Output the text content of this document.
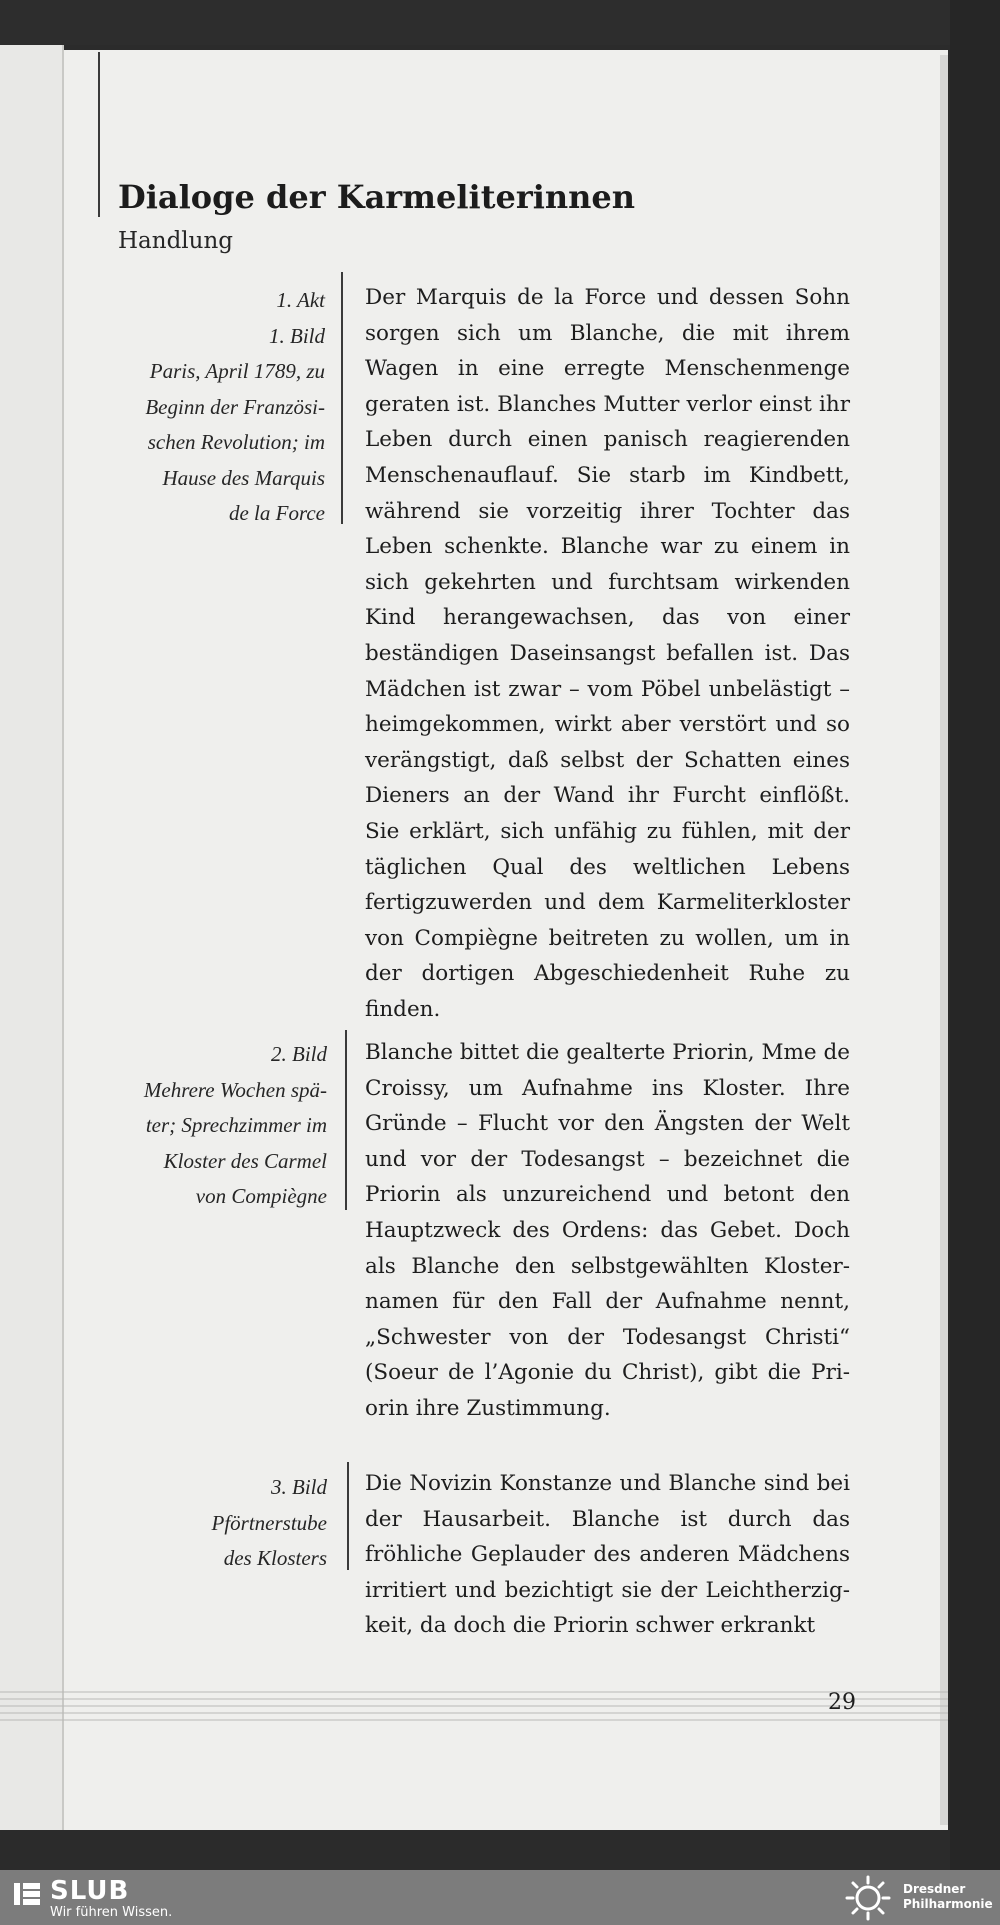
Dialoge der Karmeliterinnen
Handlung
1. Akt
1. Bild
Paris, April 1789, zu
Beginn der Französi-
schen Revolution; im
Hause des Marquis
de la Force
2. Bild
Mehrere Wochen spä-
ter; Sprechzimmer im
Kloster des Carmel
von Compiègne
3. Bild
Pförtnerstube
des Klosters

Der Marquis de la Force und dessen Sohn sorgen sich um Blanche, die mit ihrem Wagen in eine erregte Menschenmenge geraten ist. Blanches Mutter verlor einst ihr Leben durch einen panisch reagierenden Menschenauflauf. Sie starb im Kindbett, während sie vorzeitig ihrer Tochter das Leben schenkte. Blanche war zu einem in sich gekehrten und furchtsam wirkenden Kind herangewachsen, das von einer beständigen Daseinsangst befallen ist. Das Mädchen ist zwar – vom Pöbel unbelästigt – heimgekommen, wirkt aber verstört und so verängstigt, daß selbst der Schatten eines Dieners an der Wand ihr Furcht einflößt. Sie erklärt, sich unfähig zu fühlen, mit der täglichen Qual des weltlichen Lebens fertigzuwerden und dem Karmeliterkloster von Compiègne beitreten zu wollen, um in der dortigen Abgeschiedenheit Ruhe zu finden.

Blanche bittet die gealterte Priorin, Mme de Croissy, um Aufnahme ins Kloster. Ihre Gründe – Flucht vor den Ängsten der Welt und vor der Todesangst – bezeichnet die Priorin als unzureichend und betont den Hauptzweck des Ordens: das Gebet. Doch als Blanche den selbstgewählten Klosternamen für den Fall der Aufnahme nennt, „Schwester von der Todesangst Christi“ (Soeur de l’Agonie du Christ), gibt die Priorin ihre Zustimmung.

Die Novizin Konstanze und Blanche sind bei der Hausarbeit. Blanche ist durch das fröhliche Geplauder des anderen Mädchens irritiert und bezichtigt sie der Leichtherzigkeit, da doch die Priorin schwer erkrankt

29
SLUB
Wir führen Wissen.
Dresdner
Philharmonie
